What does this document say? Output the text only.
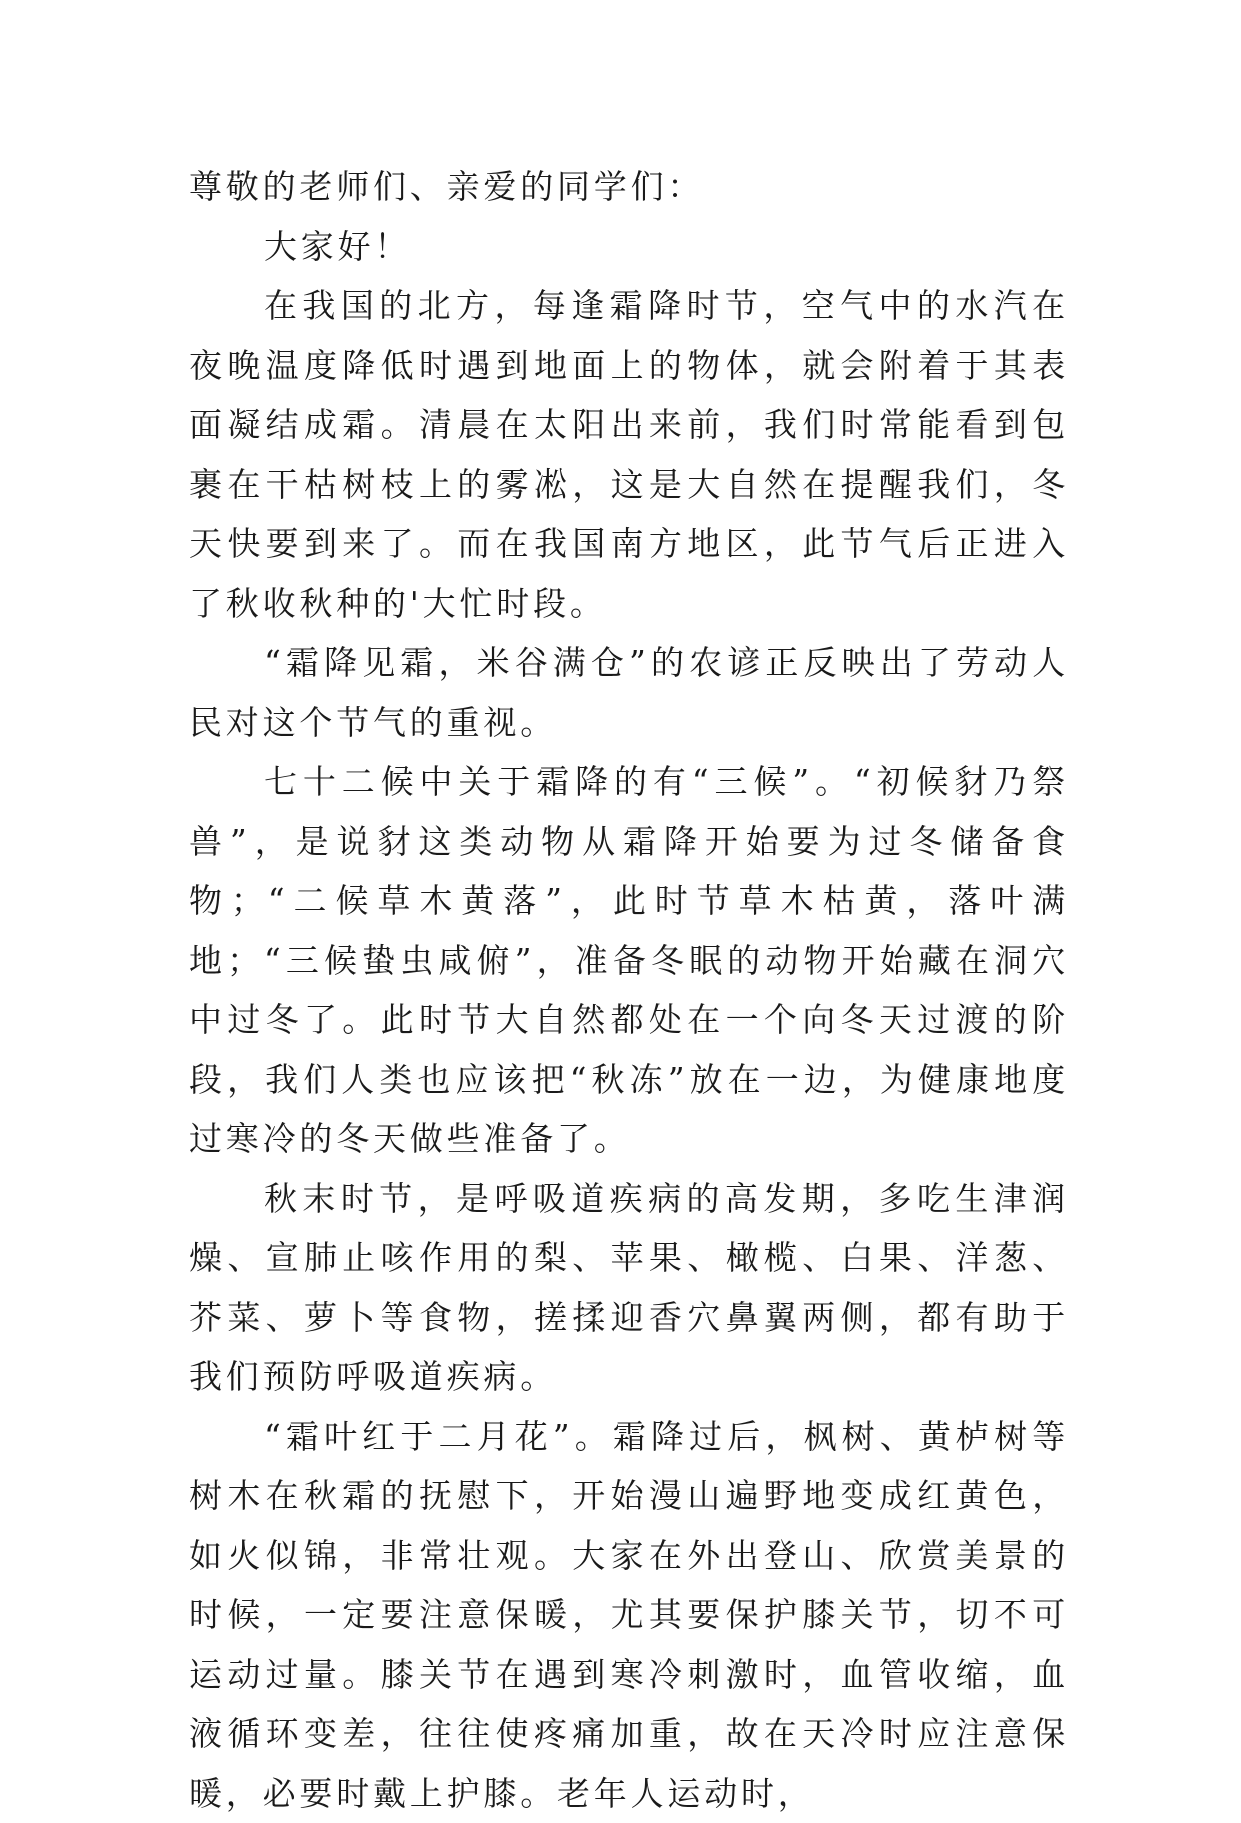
尊敬的老师们、亲爱的同学们：

大家好！

在我国的北方，每逢霜降时节，空气中的水汽在夜晚温度降低时遇到地面上的物体，就会附着于其表面凝结成霜。清晨在太阳出来前，我们时常能看到包裹在干枯树枝上的雾凇，这是大自然在提醒我们，冬天快要到来了。而在我国南方地区，此节气后正进入了秋收秋种的'大忙时段。

“霜降见霜，米谷满仓”的农谚正反映出了劳动人民对这个节气的重视。

七十二候中关于霜降的有“三候”。“初候豺乃祭兽”，是说豺这类动物从霜降开始要为过冬储备食物；“二候草木黄落”，此时节草木枯黄，落叶满地；“三候蛰虫咸俯”，准备冬眠的动物开始藏在洞穴中过冬了。此时节大自然都处在一个向冬天过渡的阶段，我们人类也应该把“秋冻”放在一边，为健康地度过寒冷的冬天做些准备了。

秋末时节，是呼吸道疾病的高发期，多吃生津润燥、宣肺止咳作用的梨、苹果、橄榄、白果、洋葱、芥菜、萝卜等食物，搓揉迎香穴鼻翼两侧，都有助于我们预防呼吸道疾病。

“霜叶红于二月花”。霜降过后，枫树、黄栌树等树木在秋霜的抚慰下，开始漫山遍野地变成红黄色，如火似锦，非常壮观。大家在外出登山、欣赏美景的时候，一定要注意保暖，尤其要保护膝关节，切不可运动过量。膝关节在遇到寒冷刺激时，血管收缩，血液循环变差，往往使疼痛加重，故在天冷时应注意保暖，必要时戴上护膝。老年人运动时，
